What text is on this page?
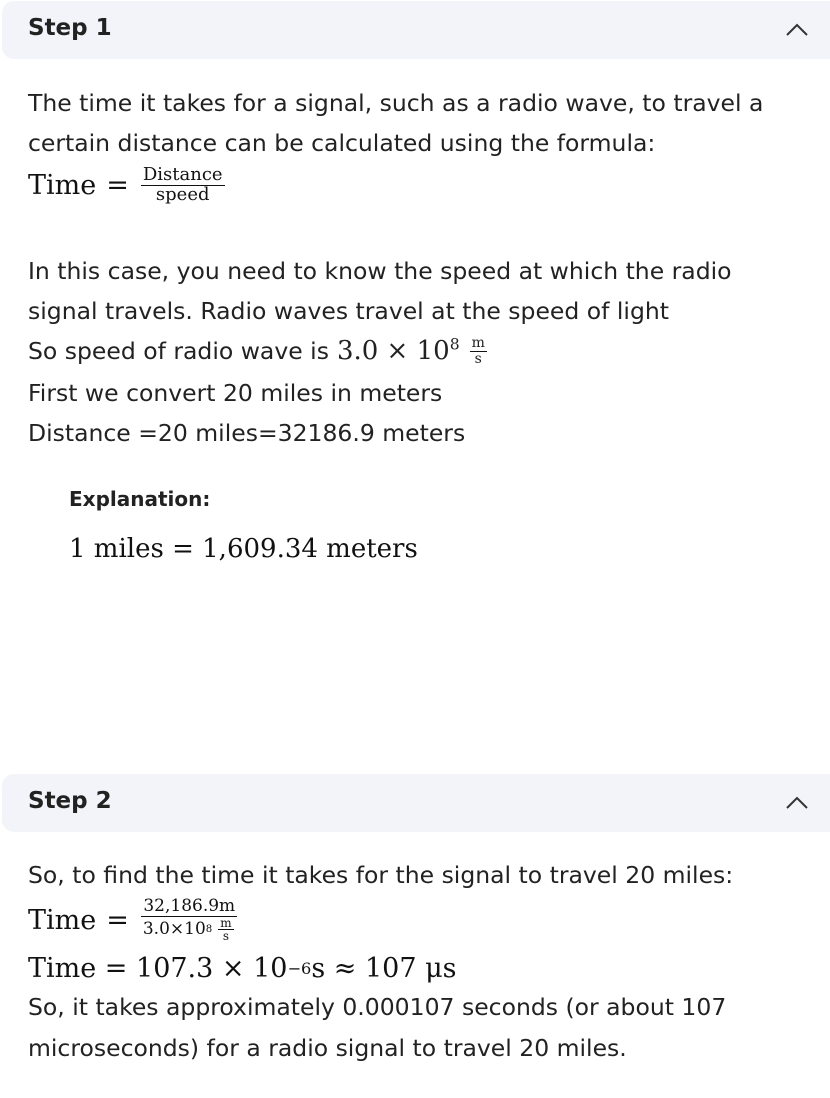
Step 1
The time it takes for a signal, such as a radio wave, to travel a
certain distance can be calculated using the formula:
Time = $\frac{\text{Distance}}{\text{speed}}$
In this case, you need to know the speed at which the radio
signal travels. Radio waves travel at the speed of light
So speed of radio wave is $3.0 \times 10^8 \frac{m}{s}$
First we convert 20 miles in meters
Distance =20 miles=32186.9 meters
Explanation:
1 miles = 1,609.34 meters
Step 2
So, to find the time it takes for the signal to travel 20 miles:
Time = $\frac{32,186.9m}{3.0\times 10 8 \frac{m}{s}}$
Time = 107.3 × 10 −6 s ≈ 107 μs
So, it takes approximately 0.000107 seconds (or about 107
microseconds) for a radio signal to travel 20 miles.
